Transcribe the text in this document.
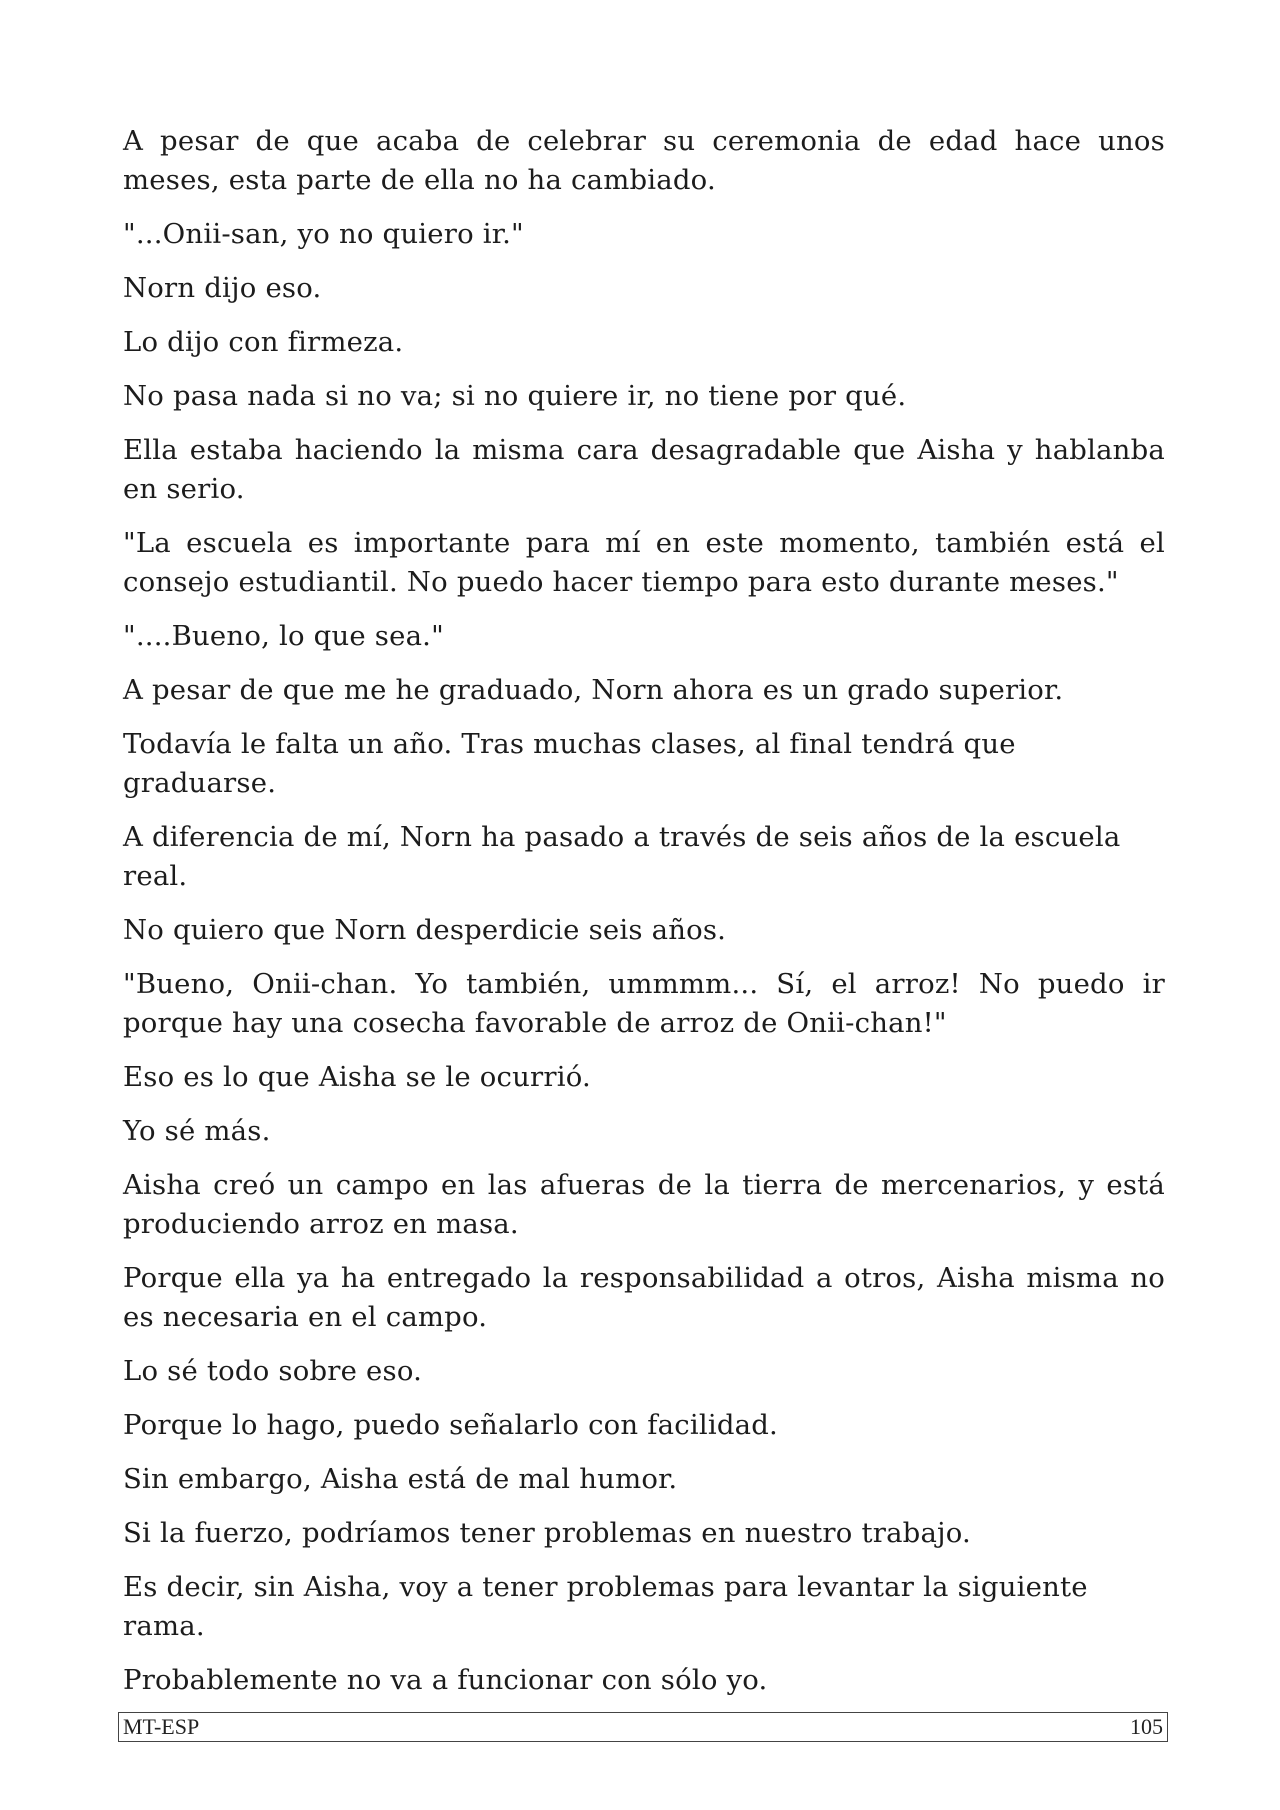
A pesar de que acaba de celebrar su ceremonia de edad hace unos meses, esta parte de ella no ha cambiado.

"...Onii-san, yo no quiero ir."

Norn dijo eso.

Lo dijo con firmeza.

No pasa nada si no va; si no quiere ir, no tiene por qué.

Ella estaba haciendo la misma cara desagradable que Aisha y hablanba en serio.

"La escuela es importante para mí en este momento, también está el consejo estudiantil. No puedo hacer tiempo para esto durante meses."

"....Bueno, lo que sea."

A pesar de que me he graduado, Norn ahora es un grado superior.

Todavía le falta un año. Tras muchas clases, al final tendrá que graduarse.

A diferencia de mí, Norn ha pasado a través de seis años de la escuela real.

No quiero que Norn desperdicie seis años.

"Bueno, Onii-chan. Yo también, ummmm... Sí, el arroz! No puedo ir porque hay una cosecha favorable de arroz de Onii-chan!"

Eso es lo que Aisha se le ocurrió.

Yo sé más.

Aisha creó un campo en las afueras de la tierra de mercenarios, y está produciendo arroz en masa.

Porque ella ya ha entregado la responsabilidad a otros, Aisha misma no es necesaria en el campo.

Lo sé todo sobre eso.

Porque lo hago, puedo señalarlo con facilidad.

Sin embargo, Aisha está de mal humor.

Si la fuerzo, podríamos tener problemas en nuestro trabajo.

Es decir, sin Aisha, voy a tener problemas para levantar la siguiente rama.

Probablemente no va a funcionar con sólo yo.

MT-ESP	105
